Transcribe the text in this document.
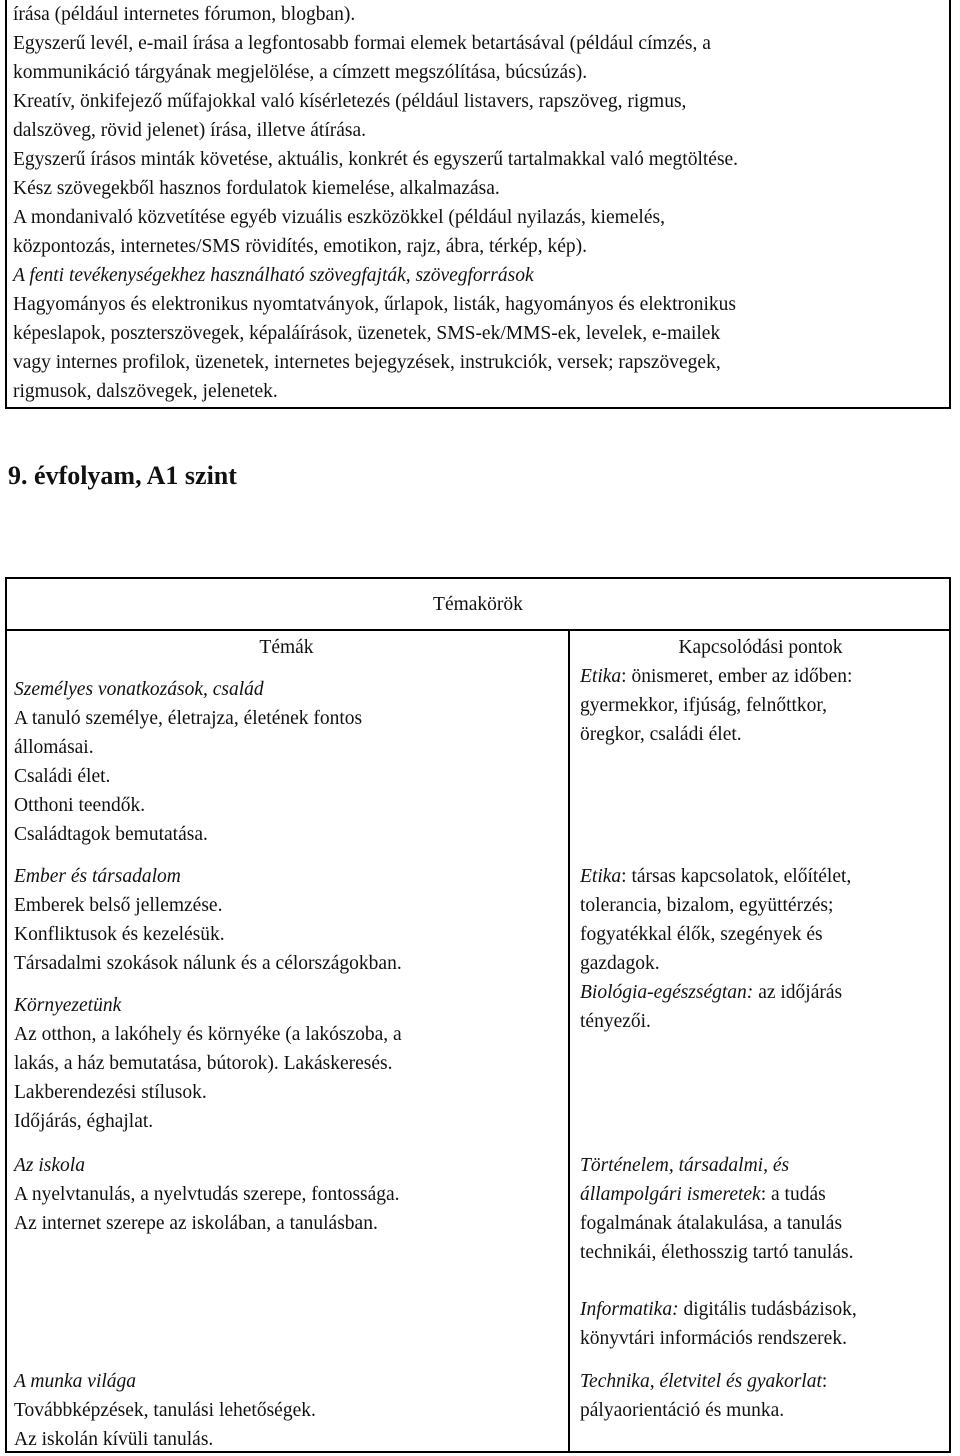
írása (például internetes fórumon, blogban).
Egyszerű levél, e-mail írása a legfontosabb formai elemek betartásával (például címzés, a
kommunikáció tárgyának megjelölése, a címzett megszólítása, búcsúzás).
Kreatív, önkifejező műfajokkal való kísérletezés (például listavers, rapszöveg, rigmus,
dalszöveg, rövid jelenet) írása, illetve átírása.
Egyszerű írásos minták követése, aktuális, konkrét és egyszerű tartalmakkal való megtöltése.
Kész szövegekből hasznos fordulatok kiemelése, alkalmazása.
A mondanivaló közvetítése egyéb vizuális eszközökkel (például nyilazás, kiemelés,
központozás, internetes/SMS rövidítés, emotikon, rajz, ábra, térkép, kép).
A fenti tevékenységekhez használható szövegfajták, szövegforrások
Hagyományos és elektronikus nyomtatványok, űrlapok, listák, hagyományos és elektronikus
képeslapok, poszterszövegek, képaláírások, üzenetek, SMS-ek/MMS-ek, levelek, e-mailek
vagy internes profilok, üzenetek, internetes bejegyzések, instrukciók, versek; rapszövegek,
rigmusok, dalszövegek, jelenetek.
9. évfolyam, A1 szint
Témakörök
Témák	Kapcsolódási pontok
Személyes vonatkozások, család
A tanuló személye, életrajza, életének fontos
állomásai.
Családi élet.
Otthoni teendők.
Családtagok bemutatása.
Ember és társadalom
Emberek belső jellemzése.
Konfliktusok és kezelésük.
Társadalmi szokások nálunk és a célországokban.
Környezetünk
Az otthon, a lakóhely és környéke (a lakószoba, a
lakás, a ház bemutatása, bútorok). Lakáskeresés.
Lakberendezési stílusok.
Időjárás, éghajlat.
Az iskola
A nyelvtanulás, a nyelvtudás szerepe, fontossága.
Az internet szerepe az iskolában, a tanulásban.
A munka világa
Továbbképzések, tanulási lehetőségek.
Az iskolán kívüli tanulás.
Etika: önismeret, ember az időben:
gyermekkor, ifjúság, felnőttkor,
öregkor, családi élet.
Etika: társas kapcsolatok, előítélet,
tolerancia, bizalom, együttérzés;
fogyatékkal élők, szegények és
gazdagok.
Biológia-egészségtan: az időjárás
tényezői.
Történelem, társadalmi, és
állampolgári ismeretek: a tudás
fogalmának átalakulása, a tanulás
technikái, élethosszig tartó tanulás.
Informatika: digitális tudásbázisok,
könyvtári információs rendszerek.
Technika, életvitel és gyakorlat:
pályaorientáció és munka.
